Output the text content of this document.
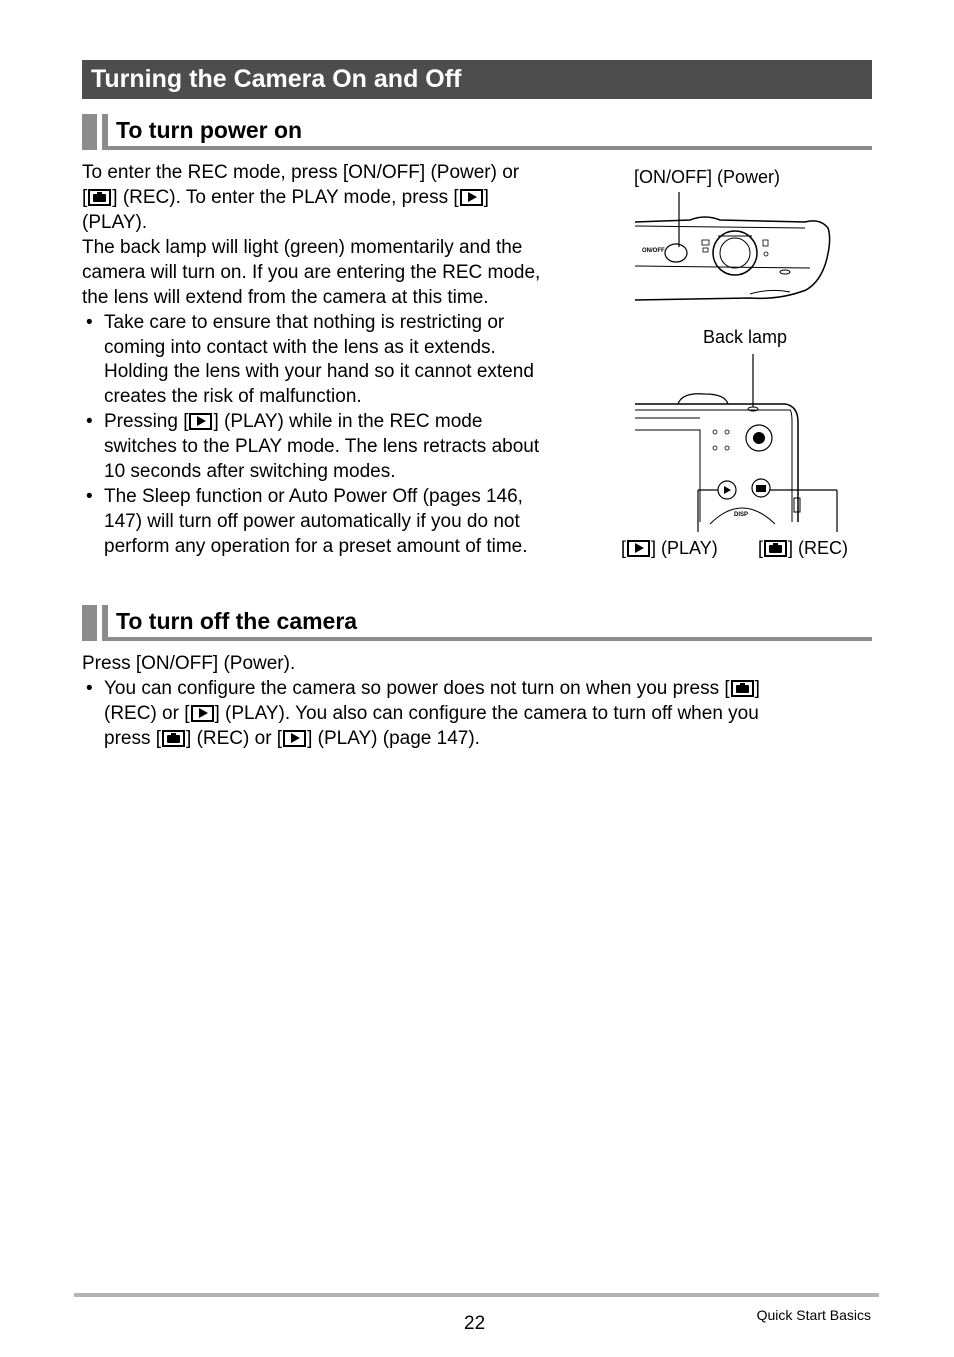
Turning the Camera On and Off
To turn power on
To enter the REC mode, press [ON/OFF] (Power) or
[ ] (REC). To enter the PLAY mode, press [ ]
(PLAY).
The back lamp will light (green) momentarily and the
camera will turn on. If you are entering the REC mode,
the lens will extend from the camera at this time.
• Take care to ensure that nothing is restricting or
coming into contact with the lens as it extends.
Holding the lens with your hand so it cannot extend
creates the risk of malfunction.
• Pressing [ ] (PLAY) while in the REC mode
switches to the PLAY mode. The lens retracts about
10 seconds after switching modes.
• The Sleep function or Auto Power Off (pages 146,
147) will turn off power automatically if you do not
perform any operation for a preset amount of time.
[ON/OFF] (Power)
ON/OFF
Back lamp
DISP
[ ] (PLAY) [ ] (REC)
To turn off the camera
Press [ON/OFF] (Power).
• You can configure the camera so power does not turn on when you press [ ]
(REC) or [ ] (PLAY). You also can configure the camera to turn off when you
press [ ] (REC) or [ ] (PLAY) (page 147).
22	Quick Start Basics
